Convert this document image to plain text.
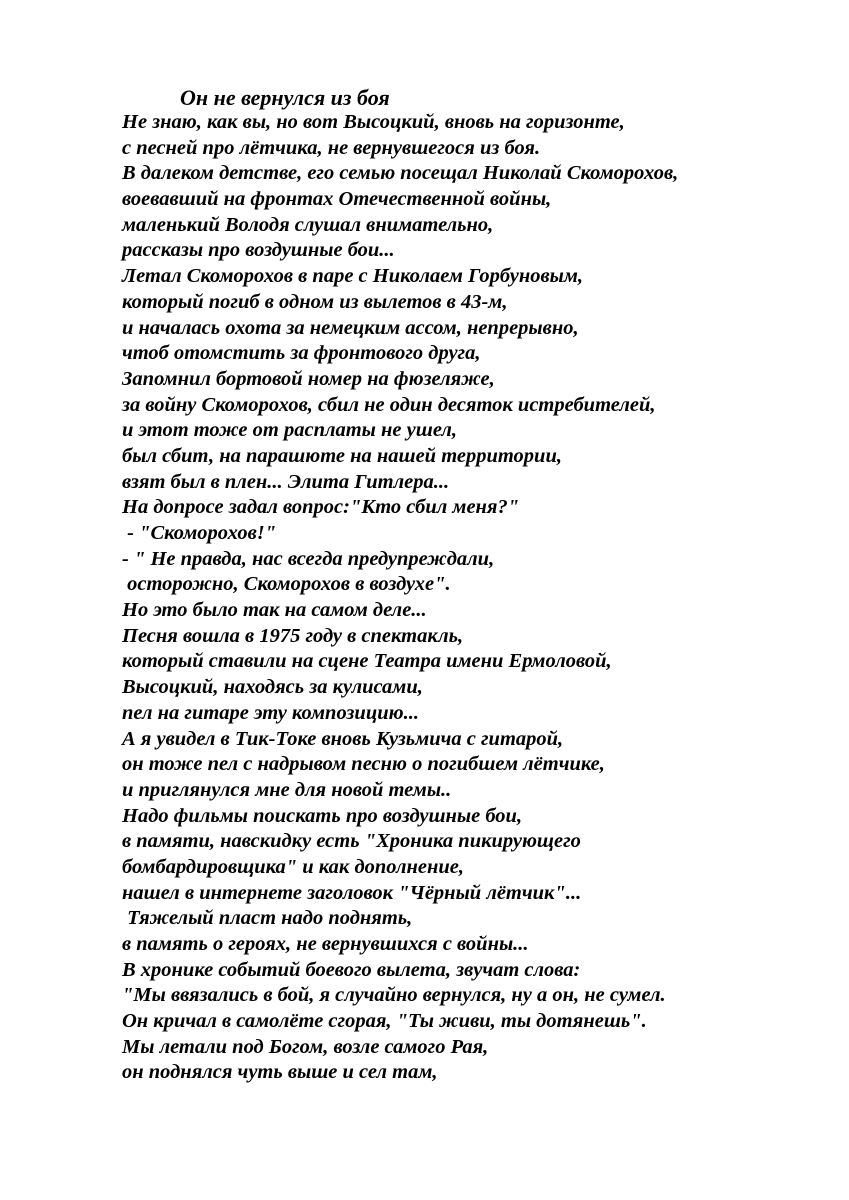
Он не вернулся из боя
Не знаю, как вы, но вот Высоцкий, вновь на горизонте,
с песней про лётчика, не вернувшегося из боя.
В далеком детстве, его семью посещал Николай Скоморохов,
воевавший на фронтах Отечественной войны,
маленький Володя слушал внимательно,
рассказы про воздушные бои...
Летал Скоморохов в паре с Николаем Горбуновым,
который погиб в одном из вылетов в 43-м,
и началась охота за немецким ассом, непрерывно,
чтоб отомстить за фронтового друга,
Запомнил бортовой номер на фюзеляже,
за войну Скоморохов, сбил не один десяток истребителей,
и этот тоже от расплаты не ушел,
был сбит, на парашюте на нашей территории,
взят был в плен... Элита Гитлера...
На допросе задал вопрос:"Кто сбил меня?"
- "Скоморохов!"
- " Не правда, нас всегда предупреждали,
осторожно, Скоморохов в воздухе".
Но это было так на самом деле...
Песня вошла в 1975 году в спектакль,
который ставили на сцене Театра имени Ермоловой,
Высоцкий, находясь за кулисами,
пел на гитаре эту композицию...
А я увидел в Тик-Токе вновь Кузьмича с гитарой,
он тоже пел с надрывом песню о погибшем лётчике,
и приглянулся мне для новой темы..
Надо фильмы поискать про воздушные бои,
в памяти, навскидку есть "Хроника пикирующего
бомбардировщика" и как дополнение,
нашел в интернете заголовок "Чёрный лётчик"...
Тяжелый пласт надо поднять,
в память о героях, не вернувшихся с войны...
В хронике событий боевого вылета, звучат слова:
"Мы ввязались в бой, я случайно вернулся, ну а он, не сумел.
Он кричал в самолёте сгорая, "Ты живи, ты дотянешь".
Мы летали под Богом, возле самого Рая,
он поднялся чуть выше и сел там,
